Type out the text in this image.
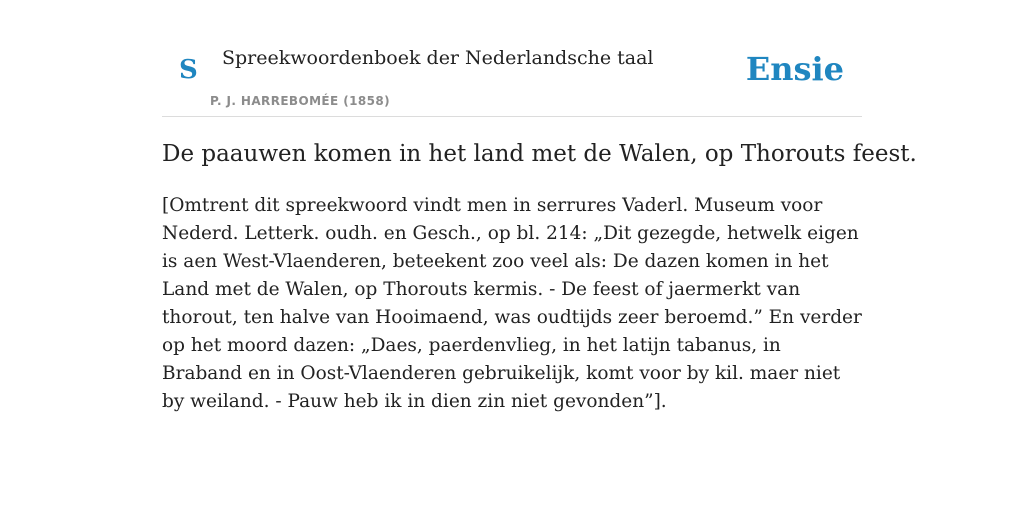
S Spreekwoordenboek der Nederlandsche taal
P. J. HARREBOMÉE (1858)
Ensie
De paauwen komen in het land met de Walen, op Thorouts feest.

[Omtrent dit spreekwoord vindt men in serrures Vaderl. Museum voor Nederd. Letterk. oudh. en Gesch., op bl. 214: „Dit gezegde, hetwelk eigen is aen West-Vlaenderen, beteekent zoo veel als: De dazen komen in het Land met de Walen, op Thorouts kermis. - De feest of jaermerkt van thorout, ten halve van Hooimaend, was oudtijds zeer beroemd.” En verder op het moord dazen: „Daes, paerdenvlieg, in het latijn tabanus, in Braband en in Oost-Vlaenderen gebruikelijk, komt voor by kil. maer niet by weiland. - Pauw heb ik in dien zin niet gevonden”].
